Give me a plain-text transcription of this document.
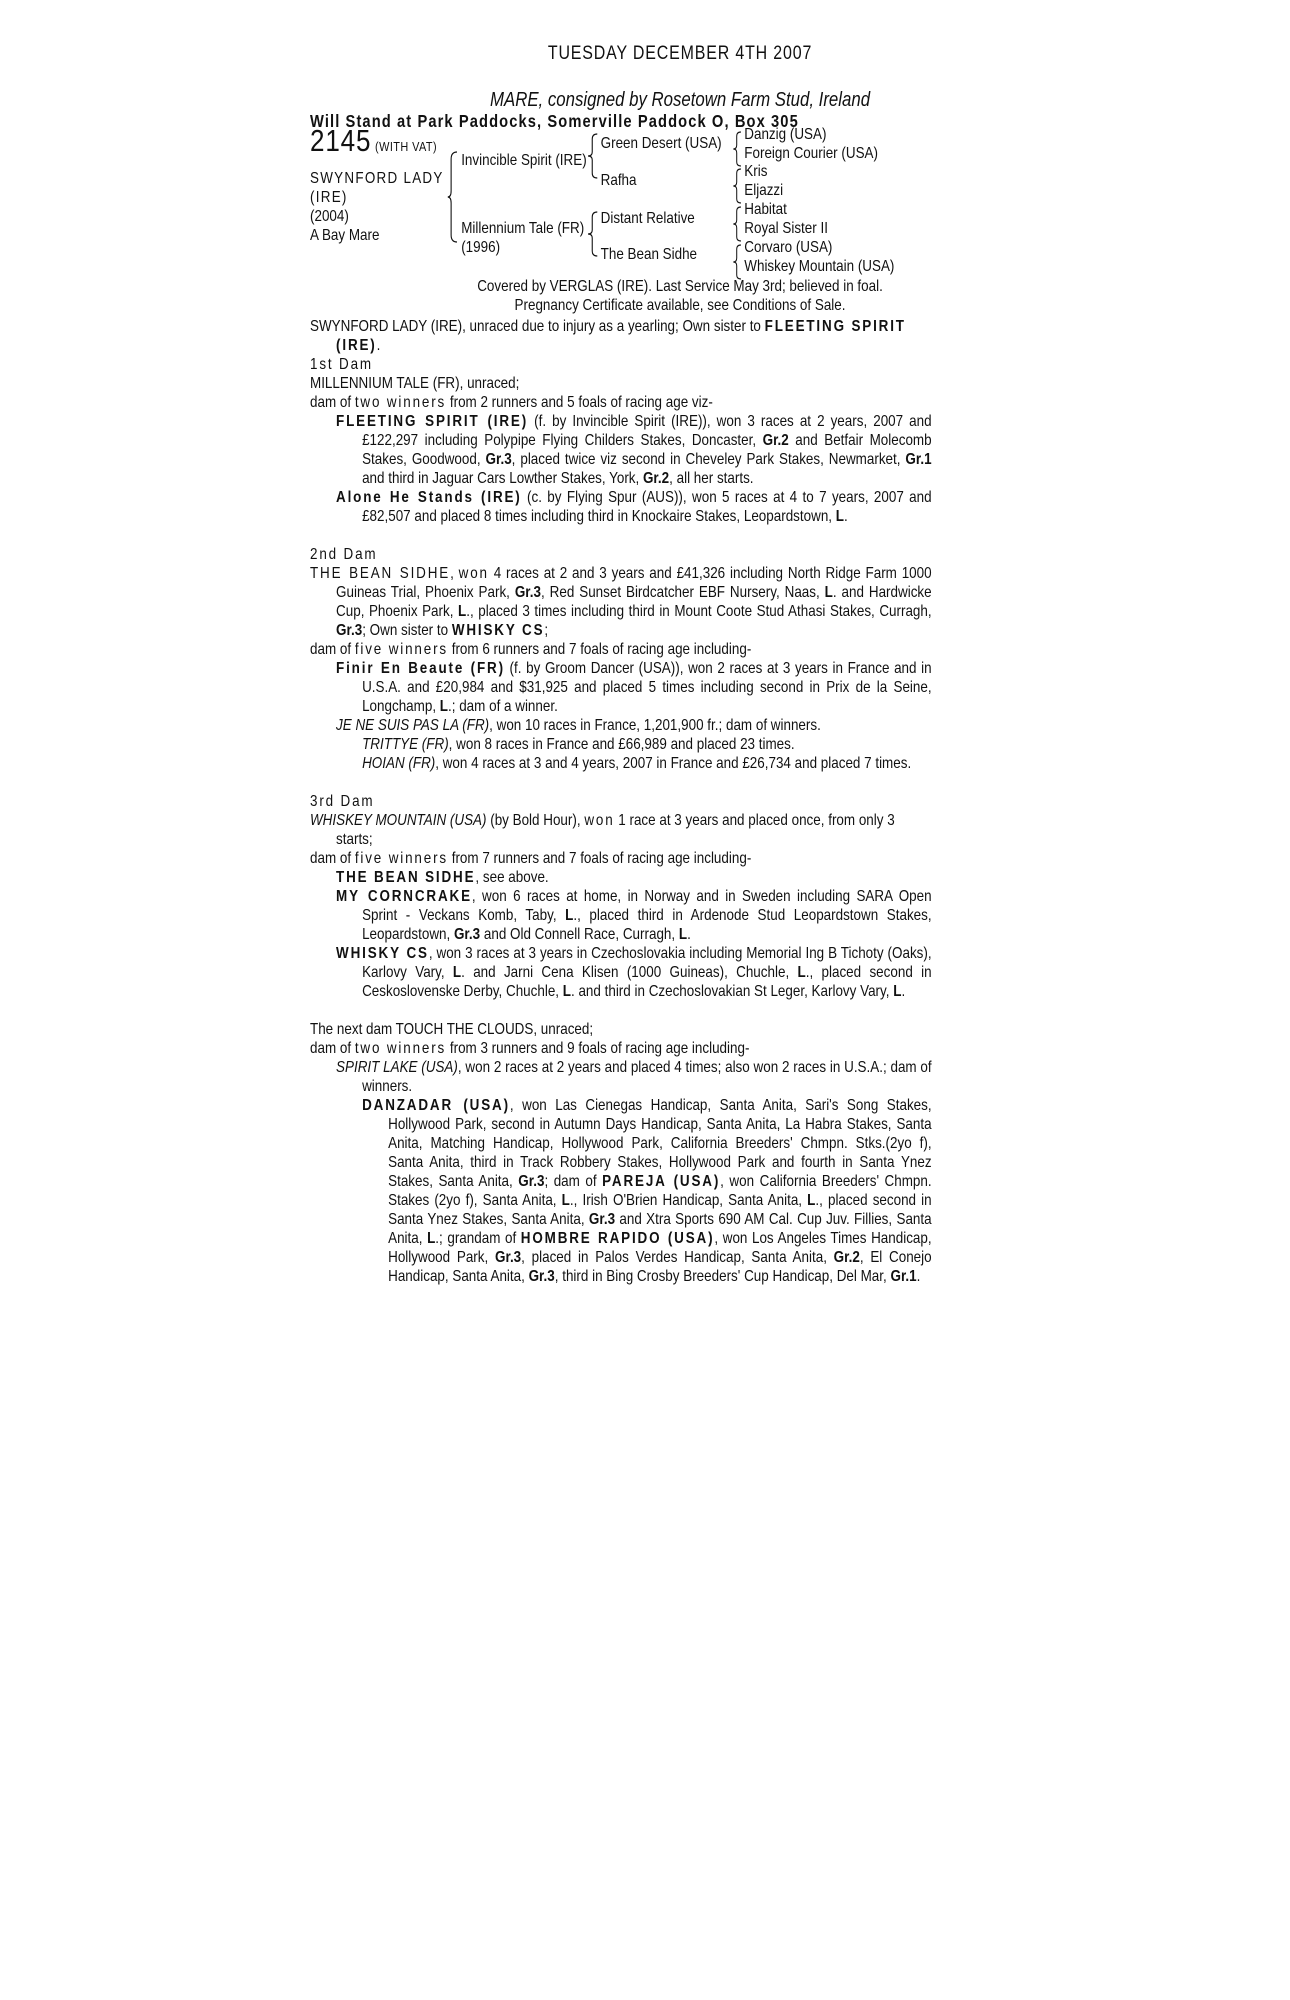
TUESDAY DECEMBER 4TH 2007
MARE, consigned by Rosetown Farm Stud, Ireland
Will Stand at Park Paddocks, Somerville Paddock O, Box 305
2145 (WITH VAT)
SWYNFORD LADY
(IRE)
(2004)
A Bay Mare
Invincible Spirit (IRE)
Millennium Tale (FR)
(1996)
Green Desert (USA)
Rafha
Distant Relative
The Bean Sidhe
Danzig (USA)
Foreign Courier (USA)
Kris
Eljazzi
Habitat
Royal Sister II
Corvaro (USA)
Whiskey Mountain (USA)
Covered by VERGLAS (IRE). Last Service May 3rd; believed in foal.
Pregnancy Certificate available, see Conditions of Sale.

SWYNFORD LADY (IRE), unraced due to injury as a yearling; Own sister to FLEETING SPIRIT (IRE).

1st Dam
MILLENNIUM TALE (FR), unraced;
dam of two winners from 2 runners and 5 foals of racing age viz-

FLEETING SPIRIT (IRE) (f. by Invincible Spirit (IRE)), won 3 races at 2 years, 2007 and £122,297 including Polypipe Flying Childers Stakes, Doncaster, Gr.2 and Betfair Molecomb Stakes, Goodwood, Gr.3, placed twice viz second in Cheveley Park Stakes, Newmarket, Gr.1 and third in Jaguar Cars Lowther Stakes, York, Gr.2, all her starts.

Alone He Stands (IRE) (c. by Flying Spur (AUS)), won 5 races at 4 to 7 years, 2007 and £82,507 and placed 8 times including third in Knockaire Stakes, Leopardstown, L.

2nd Dam

THE BEAN SIDHE, won 4 races at 2 and 3 years and £41,326 including North Ridge Farm 1000 Guineas Trial, Phoenix Park, Gr.3, Red Sunset Birdcatcher EBF Nursery, Naas, L. and Hardwicke Cup, Phoenix Park, L., placed 3 times including third in Mount Coote Stud Athasi Stakes, Curragh, Gr.3; Own sister to WHISKY CS;

dam of five winners from 6 runners and 7 foals of racing age including-

Finir En Beaute (FR) (f. by Groom Dancer (USA)), won 2 races at 3 years in France and in U.S.A. and £20,984 and $31,925 and placed 5 times including second in Prix de la Seine, Longchamp, L.; dam of a winner.

JE NE SUIS PAS LA (FR), won 10 races in France, 1,201,900 fr.; dam of winners.

TRITTYE (FR), won 8 races in France and £66,989 and placed 23 times.

HOIAN (FR), won 4 races at 3 and 4 years, 2007 in France and £26,734 and placed 7 times.

3rd Dam

WHISKEY MOUNTAIN (USA) (by Bold Hour), won 1 race at 3 years and placed once, from only 3 starts;

dam of five winners from 7 runners and 7 foals of racing age including-

THE BEAN SIDHE, see above.

MY CORNCRAKE, won 6 races at home, in Norway and in Sweden including SARA Open Sprint - Veckans Komb, Taby, L., placed third in Ardenode Stud Leopardstown Stakes, Leopardstown, Gr.3 and Old Connell Race, Curragh, L.

WHISKY CS, won 3 races at 3 years in Czechoslovakia including Memorial Ing B Tichoty (Oaks), Karlovy Vary, L. and Jarni Cena Klisen (1000 Guineas), Chuchle, L., placed second in Ceskoslovenske Derby, Chuchle, L. and third in Czechoslovakian St Leger, Karlovy Vary, L.

The next dam TOUCH THE CLOUDS, unraced;
dam of two winners from 3 runners and 9 foals of racing age including-

SPIRIT LAKE (USA), won 2 races at 2 years and placed 4 times; also won 2 races in U.S.A.; dam of winners.

DANZADAR (USA), won Las Cienegas Handicap, Santa Anita, Sari's Song Stakes, Hollywood Park, second in Autumn Days Handicap, Santa Anita, La Habra Stakes, Santa Anita, Matching Handicap, Hollywood Park, California Breeders' Chmpn. Stks.(2yo f), Santa Anita, third in Track Robbery Stakes, Hollywood Park and fourth in Santa Ynez Stakes, Santa Anita, Gr.3; dam of PAREJA (USA), won California Breeders' Chmpn. Stakes (2yo f), Santa Anita, L., Irish O'Brien Handicap, Santa Anita, L., placed second in Santa Ynez Stakes, Santa Anita, Gr.3 and Xtra Sports 690 AM Cal. Cup Juv. Fillies, Santa Anita, L.; grandam of HOMBRE RAPIDO (USA), won Los Angeles Times Handicap, Hollywood Park, Gr.3, placed in Palos Verdes Handicap, Santa Anita, Gr.2, El Conejo Handicap, Santa Anita, Gr.3, third in Bing Crosby Breeders' Cup Handicap, Del Mar, Gr.1.
